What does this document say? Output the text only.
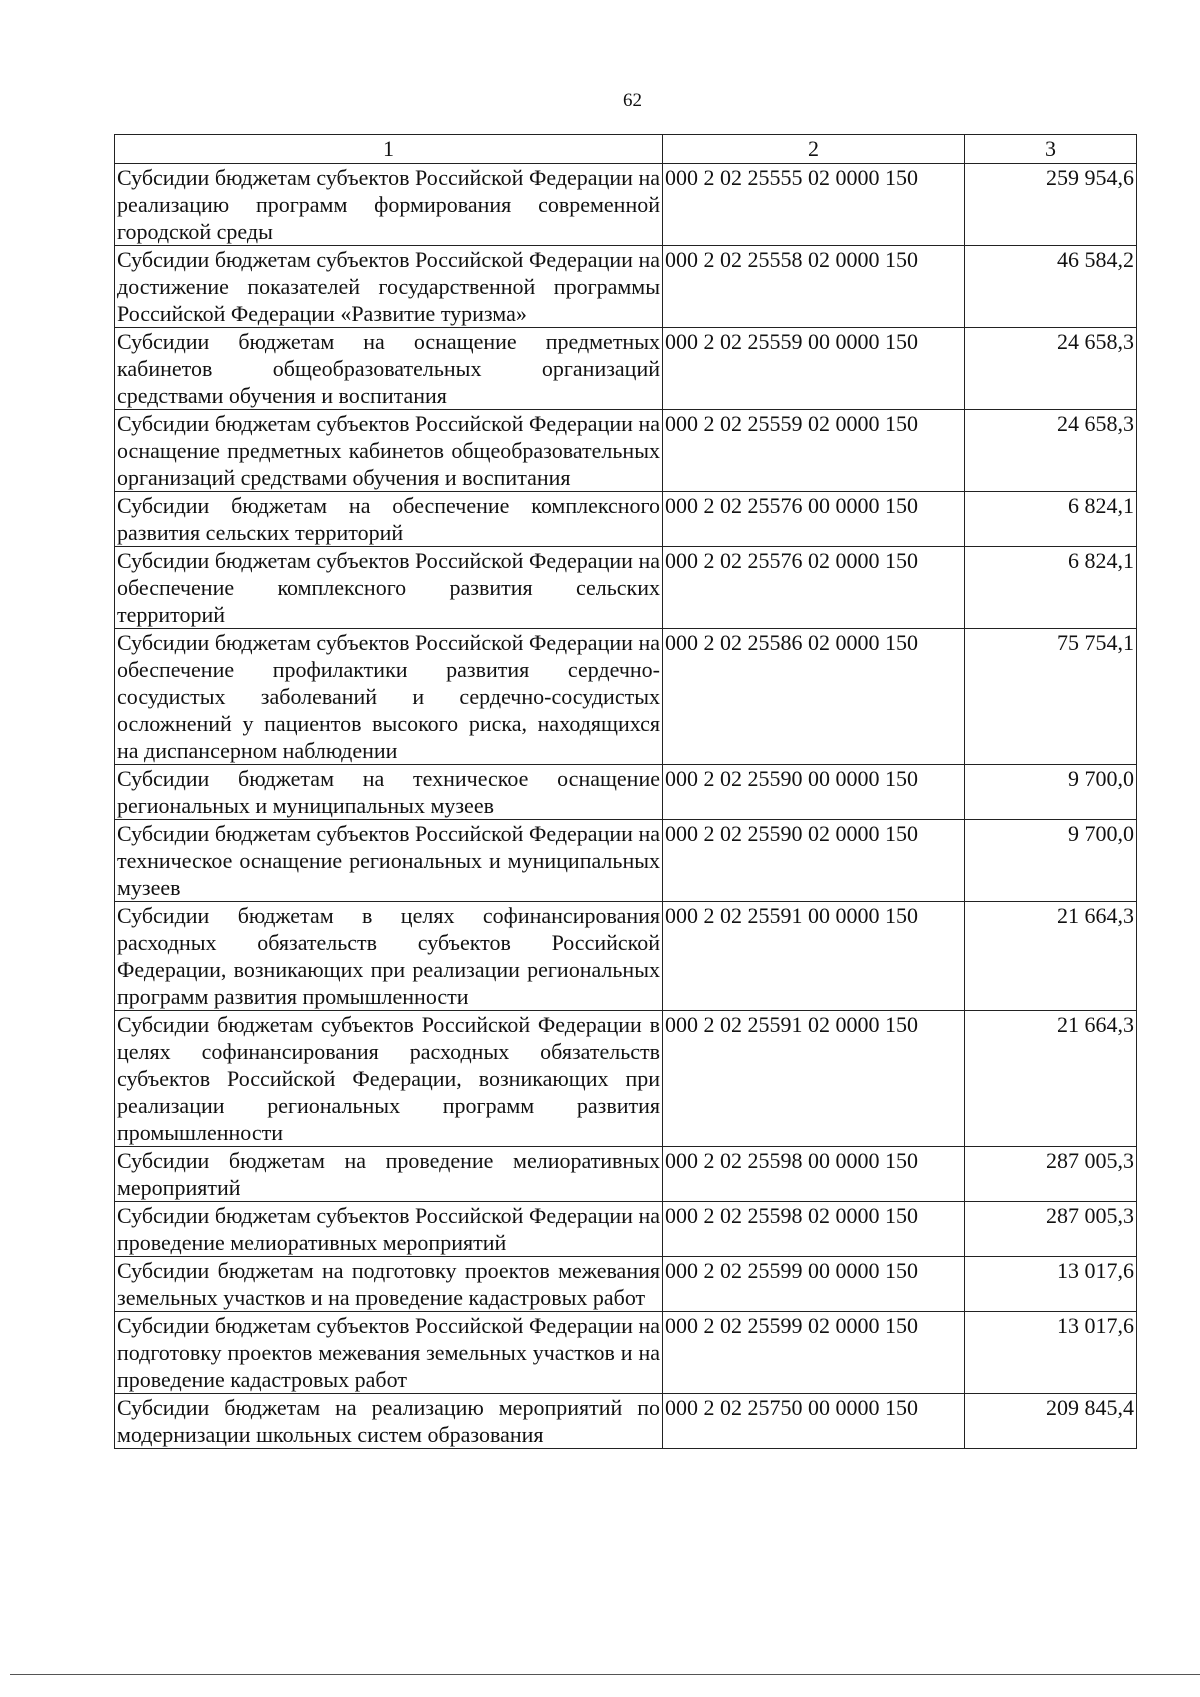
62
1	2	3
Субсидии бюджетам субъектов Российской Федерации на реализацию программ формирования современной городской среды	000 2 02 25555 02 0000 150	259 954,6
Субсидии бюджетам субъектов Российской Федерации на достижение показателей государственной программы Российской Федерации «Развитие туризма»	000 2 02 25558 02 0000 150	46 584,2
Субсидии бюджетам на оснащение предметных кабинетов общеобразовательных организаций средствами обучения и воспитания	000 2 02 25559 00 0000 150	24 658,3
Субсидии бюджетам субъектов Российской Федерации на оснащение предметных кабинетов общеобразовательных организаций средствами обучения и воспитания	000 2 02 25559 02 0000 150	24 658,3
Субсидии бюджетам на обеспечение комплексного развития сельских территорий	000 2 02 25576 00 0000 150	6 824,1
Субсидии бюджетам субъектов Российской Федерации на обеспечение комплексного развития сельских территорий	000 2 02 25576 02 0000 150	6 824,1
Субсидии бюджетам субъектов Российской Федерации на обеспечение профилактики развития сердечно-сосудистых заболеваний и сердечно-сосудистых осложнений у пациентов высокого риска, находящихся на диспансерном наблюдении	000 2 02 25586 02 0000 150	75 754,1
Субсидии бюджетам на техническое оснащение региональных и муниципальных музеев	000 2 02 25590 00 0000 150	9 700,0
Субсидии бюджетам субъектов Российской Федерации на техническое оснащение региональных и муниципальных музеев	000 2 02 25590 02 0000 150	9 700,0
Субсидии бюджетам в целях софинансирования расходных обязательств субъектов Российской Федерации, возникающих при реализации региональных программ развития промышленности	000 2 02 25591 00 0000 150	21 664,3
Субсидии бюджетам субъектов Российской Федерации в целях софинансирования расходных обязательств субъектов Российской Федерации, возникающих при реализации региональных программ развития промышленности	000 2 02 25591 02 0000 150	21 664,3
Субсидии бюджетам на проведение мелиоративных мероприятий	000 2 02 25598 00 0000 150	287 005,3
Субсидии бюджетам субъектов Российской Федерации на проведение мелиоративных мероприятий	000 2 02 25598 02 0000 150	287 005,3
Субсидии бюджетам на подготовку проектов межевания земельных участков и на проведение кадастровых работ	000 2 02 25599 00 0000 150	13 017,6
Субсидии бюджетам субъектов Российской Федерации на подготовку проектов межевания земельных участков и на проведение кадастровых работ	000 2 02 25599 02 0000 150	13 017,6
Субсидии бюджетам на реализацию мероприятий по модернизации школьных систем образования	000 2 02 25750 00 0000 150	209 845,4
